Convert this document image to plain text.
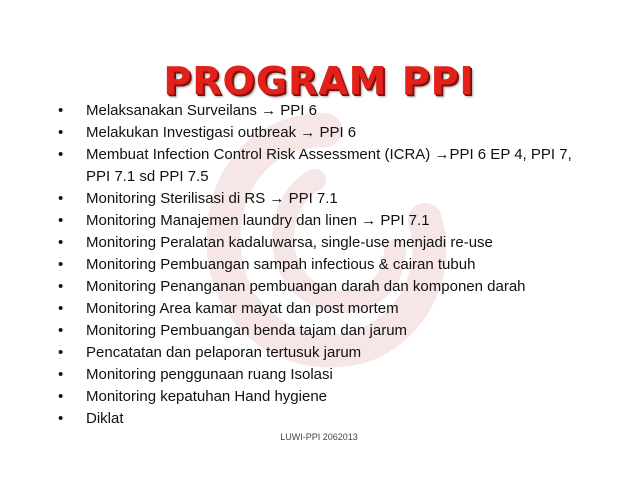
PROGRAM PPI
• Melaksanakan Surveilans → PPI 6
• Melakukan Investigasi outbreak → PPI 6
• Membuat Infection Control Risk Assessment (ICRA) →PPI 6 EP 4, PPI 7, PPI 7.1 sd PPI 7.5
• Monitoring Sterilisasi di RS → PPI 7.1
• Monitoring Manajemen laundry dan linen → PPI 7.1
• Monitoring Peralatan kadaluwarsa, single-use menjadi re-use
• Monitoring Pembuangan sampah infectious & cairan tubuh
• Monitoring Penanganan pembuangan darah dan komponen darah
• Monitoring Area kamar mayat dan post mortem
• Monitoring Pembuangan benda tajam dan jarum
• Pencatatan dan pelaporan tertusuk jarum
• Monitoring penggunaan ruang Isolasi
• Monitoring kepatuhan Hand hygiene
• Diklat
LUWI-PPI 2062013
